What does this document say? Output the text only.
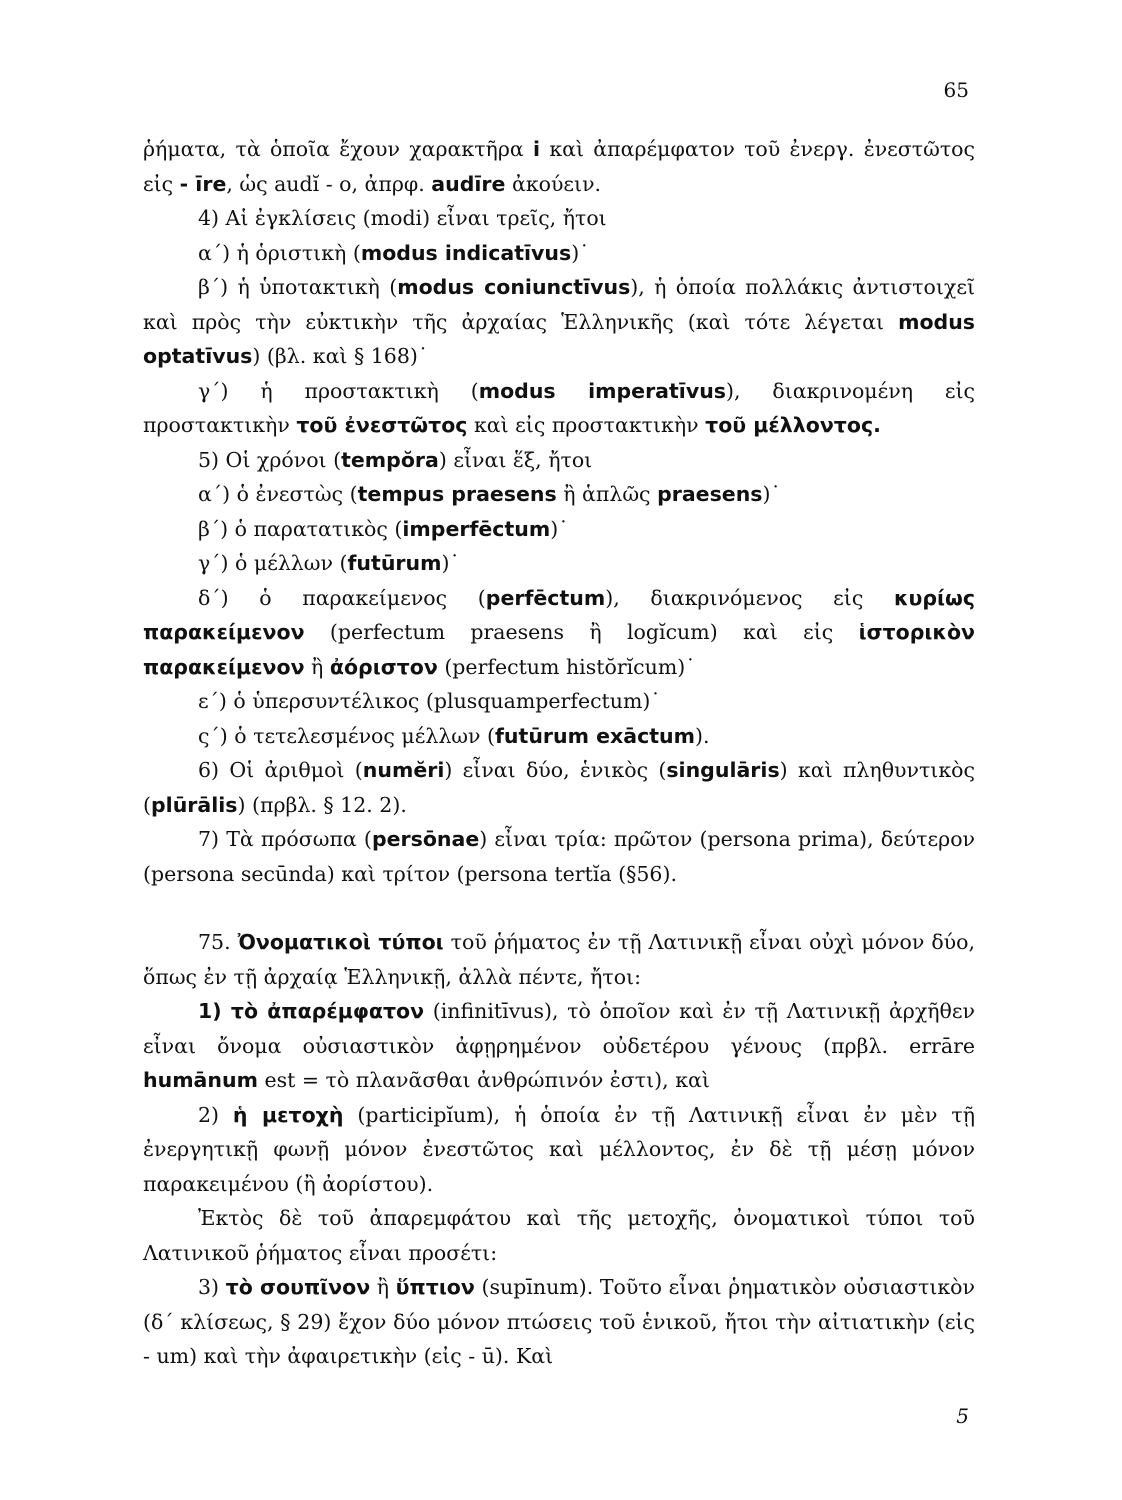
65

ῥήματα, τὰ ὁποῖα ἔχουν χαρακτῆρα i καὶ ἀπαρέμφατον τοῦ ἐνεργ. ἐνεστῶτος εἰς - īre, ὡς audĭ - o, ἀπρφ. audīre ἀκούειν.

4) Αἱ ἐγκλίσεις (modi) εἶναι τρεῖς, ἤτοι

α΄) ἡ ὁριστικὴ (modus indicatīvus)˙

β΄) ἡ ὑποτακτικὴ (modus coniunctīvus), ἡ ὁποία πολλάκις ἀντιστοιχεῖ καὶ πρὸς τὴν εὐκτικὴν τῆς ἀρχαίας Ἑλληνικῆς (καὶ τότε λέγεται modus optatīvus) (βλ. καὶ § 168)˙

γ΄) ἡ προστακτικὴ (modus imperatīvus), διακρινομένη εἰς προστακτικὴν τοῦ ἐνεστῶτος καὶ εἰς προστακτικὴν τοῦ μέλλοντος.

5) Οἱ χρόνοι (tempŏra) εἶναι ἕξ, ἤτοι

α΄) ὁ ἐνεστὼς (tempus praesens ἢ ἁπλῶς praesens)˙

β΄) ὁ παρατατικὸς (imperfēctum)˙

γ΄) ὁ μέλλων (futūrum)˙

δ΄) ὁ παρακείμενος (perfēctum), διακρινόμενος εἰς κυρίως παρακείμενον (perfectum praesens ἢ logĭcum) καὶ εἰς ἱστορικὸν παρακείμενον ἢ ἀόριστον (perfectum histŏrĭcum)˙

ε΄) ὁ ὑπερσυντέλικος (plusquamperfectum)˙

ς΄) ὁ τετελεσμένος μέλλων (futūrum exāctum).

6) Οἱ ἀριθμοὶ (numĕri) εἶναι δύο, ἑνικὸς (singulāris) καὶ πληθυντικὸς (plūrālis) (πρβλ. § 12. 2).

7) Τὰ πρόσωπα (persōnae) εἶναι τρία: πρῶτον (persona prima), δεύτερον (persona secūnda) καὶ τρίτον (persona tertĭa (§56).

75. Ὀνοματικοὶ τύποι τοῦ ῥήματος ἐν τῇ Λατινικῇ εἶναι οὐχὶ μόνον δύο, ὅπως ἐν τῇ ἀρχαίᾳ Ἑλληνικῇ, ἀλλὰ πέντε, ἤτοι:

1) τὸ ἀπαρέμφατον (infinitīvus), τὸ ὁποῖον καὶ ἐν τῇ Λατινικῇ ἀρχῆθεν εἶναι ὄνομα οὐσιαστικὸν ἀφῃρημένον οὐδετέρου γένους (πρβλ. errāre humānum est = τὸ πλανᾶσθαι ἀνθρώπινόν ἐστι), καὶ

2) ἡ μετοχὴ (participĭum), ἡ ὁποία ἐν τῇ Λατινικῇ εἶναι ἐν μὲν τῇ ἐνεργητικῇ φωνῇ μόνον ἐνεστῶτος καὶ μέλλοντος, ἐν δὲ τῇ μέσῃ μόνον παρακειμένου (ἢ ἀορίστου).

Ἐκτὸς δὲ τοῦ ἀπαρεμφάτου καὶ τῆς μετοχῆς, ὀνοματικοὶ τύποι τοῦ Λατινικοῦ ῥήματος εἶναι προσέτι:

3) τὸ σουπῖνον ἢ ὕπτιον (supīnum). Τοῦτο εἶναι ῥηματικὸν οὐσιαστικὸν (δ΄ κλίσεως, § 29) ἔχον δύο μόνον πτώσεις τοῦ ἑνικοῦ, ἤτοι τὴν αἰτιατικὴν (εἰς - um) καὶ τὴν ἀφαιρετικὴν (εἰς - ū). Καὶ

5
